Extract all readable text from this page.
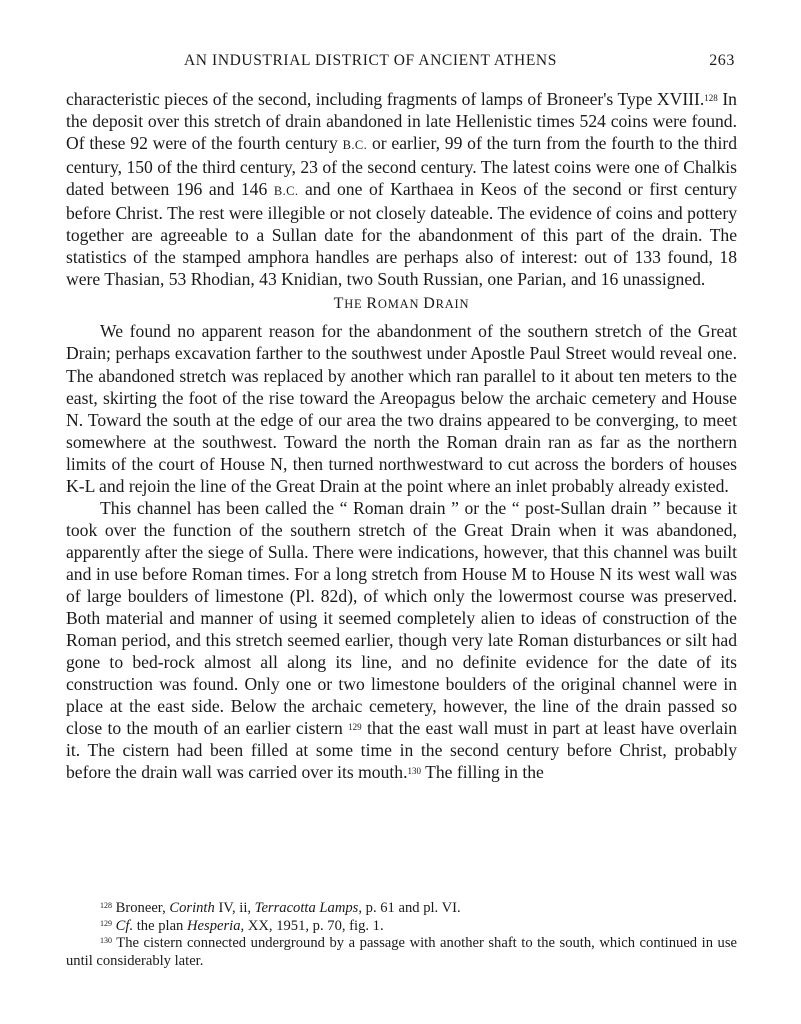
AN INDUSTRIAL DISTRICT OF ANCIENT ATHENS	263

characteristic pieces of the second, including fragments of lamps of Broneer's Type XVIII.$^{128}$ In the deposit over this stretch of drain abandoned in late Hellenistic times 524 coins were found. Of these 92 were of the fourth century B.C. or earlier, 99 of the turn from the fourth to the third century, 150 of the third century, 23 of the second century. The latest coins were one of Chalkis dated between 196 and 146 B.C. and one of Karthaea in Keos of the second or first century before Christ. The rest were illegible or not closely dateable. The evidence of coins and pottery together are agreeable to a Sullan date for the abandonment of this part of the drain. The statistics of the stamped amphora handles are perhaps also of interest: out of 133 found, 18 were Thasian, 53 Rhodian, 43 Knidian, two South Russian, one Parian, and 16 unassigned.

THE ROMAN DRAIN

We found no apparent reason for the abandonment of the southern stretch of the Great Drain; perhaps excavation farther to the southwest under Apostle Paul Street would reveal one. The abandoned stretch was replaced by another which ran parallel to it about ten meters to the east, skirting the foot of the rise toward the Areopagus below the archaic cemetery and House N. Toward the south at the edge of our area the two drains appeared to be converging, to meet somewhere at the southwest. Toward the north the Roman drain ran as far as the northern limits of the court of House N, then turned northwestward to cut across the borders of houses K-L and rejoin the line of the Great Drain at the point where an inlet probably already existed.

This channel has been called the “ Roman drain ” or the “ post-Sullan drain ” because it took over the function of the southern stretch of the Great Drain when it was abandoned, apparently after the siege of Sulla. There were indications, however, that this channel was built and in use before Roman times. For a long stretch from House M to House N its west wall was of large boulders of limestone (Pl. 82d), of which only the lowermost course was preserved. Both material and manner of using it seemed completely alien to ideas of construction of the Roman period, and this stretch seemed earlier, though very late Roman disturbances or silt had gone to bed-rock almost all along its line, and no definite evidence for the date of its construction was found. Only one or two limestone boulders of the original channel were in place at the east side. Below the archaic cemetery, however, the line of the drain passed so close to the mouth of an earlier cistern $^{129}$ that the east wall must in part at least have overlain it. The cistern had been filled at some time in the second century before Christ, probably before the drain wall was carried over its mouth.$^{130}$ The filling in the

$^{128}$ Broneer, Corinth IV, ii, Terracotta Lamps, p. 61 and pl. VI.

$^{129}$ Cf. the plan Hesperia, XX, 1951, p. 70, fig. 1.

$^{130}$ The cistern connected underground by a passage with another shaft to the south, which continued in use until considerably later.
